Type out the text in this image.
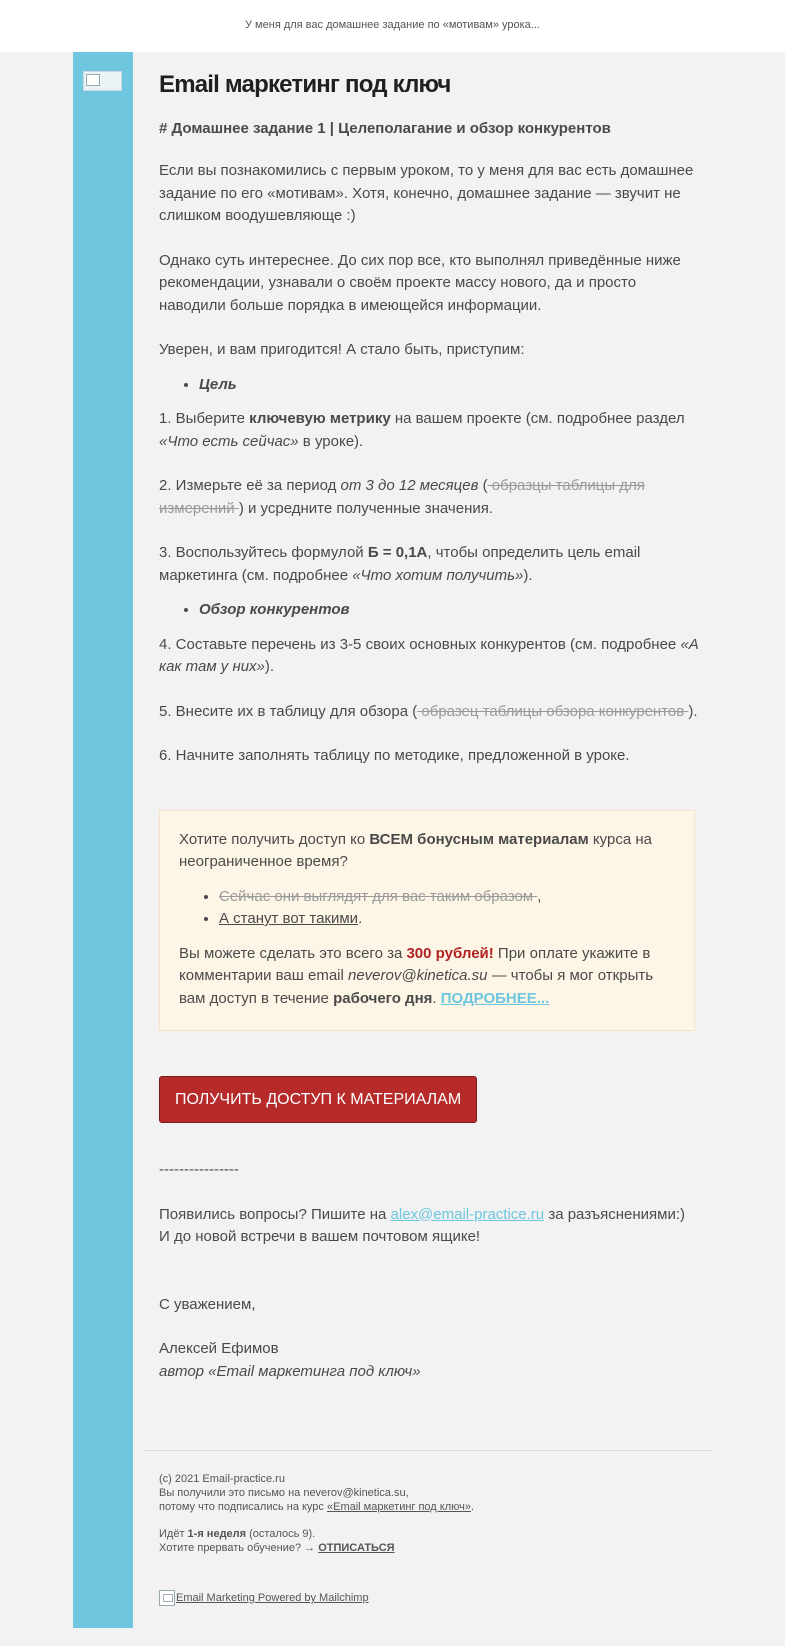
У меня для вас домашнее задание по «мотивам» урока...
Email маркетинг под ключ
# Домашнее задание 1 | Целеполагание и обзор конкурентов

Если вы познакомились с первым уроком, то у меня для вас есть домашнее задание по его «мотивам». Хотя, конечно, домашнее задание — звучит не слишком воодушевляюще :)

Однако суть интереснее. До сих пор все, кто выполнял приведённые ниже рекомендации, узнавали о своём проекте массу нового, да и просто наводили больше порядка в имеющейся информации.

Уверен, и вам пригодится! А стало быть, приступим:

• Цель

1. Выберите ключевую метрику на вашем проекте (см. подробнее раздел «Что есть сейчас» в уроке).

2. Измерьте её за период от 3 до 12 месяцев ( образцы таблицы для измерений ) и усредните полученные значения.

3. Воспользуйтесь формулой Б = 0,1А, чтобы определить цель email маркетинга (см. подробнее «Что хотим получить»).

• Обзор конкурентов

4. Составьте перечень из 3-5 своих основных конкурентов (см. подробнее «А как там у них»).

5. Внесите их в таблицу для обзора ( образец таблицы обзора конкурентов ).

6. Начните заполнять таблицу по методике, предложенной в уроке.

Хотите получить доступ ко ВСЕМ бонусным материалам курса на неограниченное время?

• Сейчас они выглядят для вас таким образом ,
• А станут вот такими.

Вы можете сделать это всего за 300 рублей! При оплате укажите в комментарии ваш email neverov@kinetica.su — чтобы я мог открыть вам доступ в течение рабочего дня. ПОДРОБНЕЕ...

ПОЛУЧИТЬ ДОСТУП К МАТЕРИАЛАМ

----------------

Появились вопросы? Пишите на alex@email-practice.ru за разъяснениями:)
И до новой встречи в вашем почтовом ящике!

С уважением,

Алексей Ефимов
автор «Email маркетинга под ключ»

(с) 2021 Email-practice.ru

Вы получили это письмо на neverov@kinetica.su,

потому что подписались на курс «Email маркетинг под ключ».

Идёт 1-я неделя (осталось 9).

Хотите прервать обучение? → ОТПИСАТЬСЯ

Email Marketing Powered by Mailchimp
